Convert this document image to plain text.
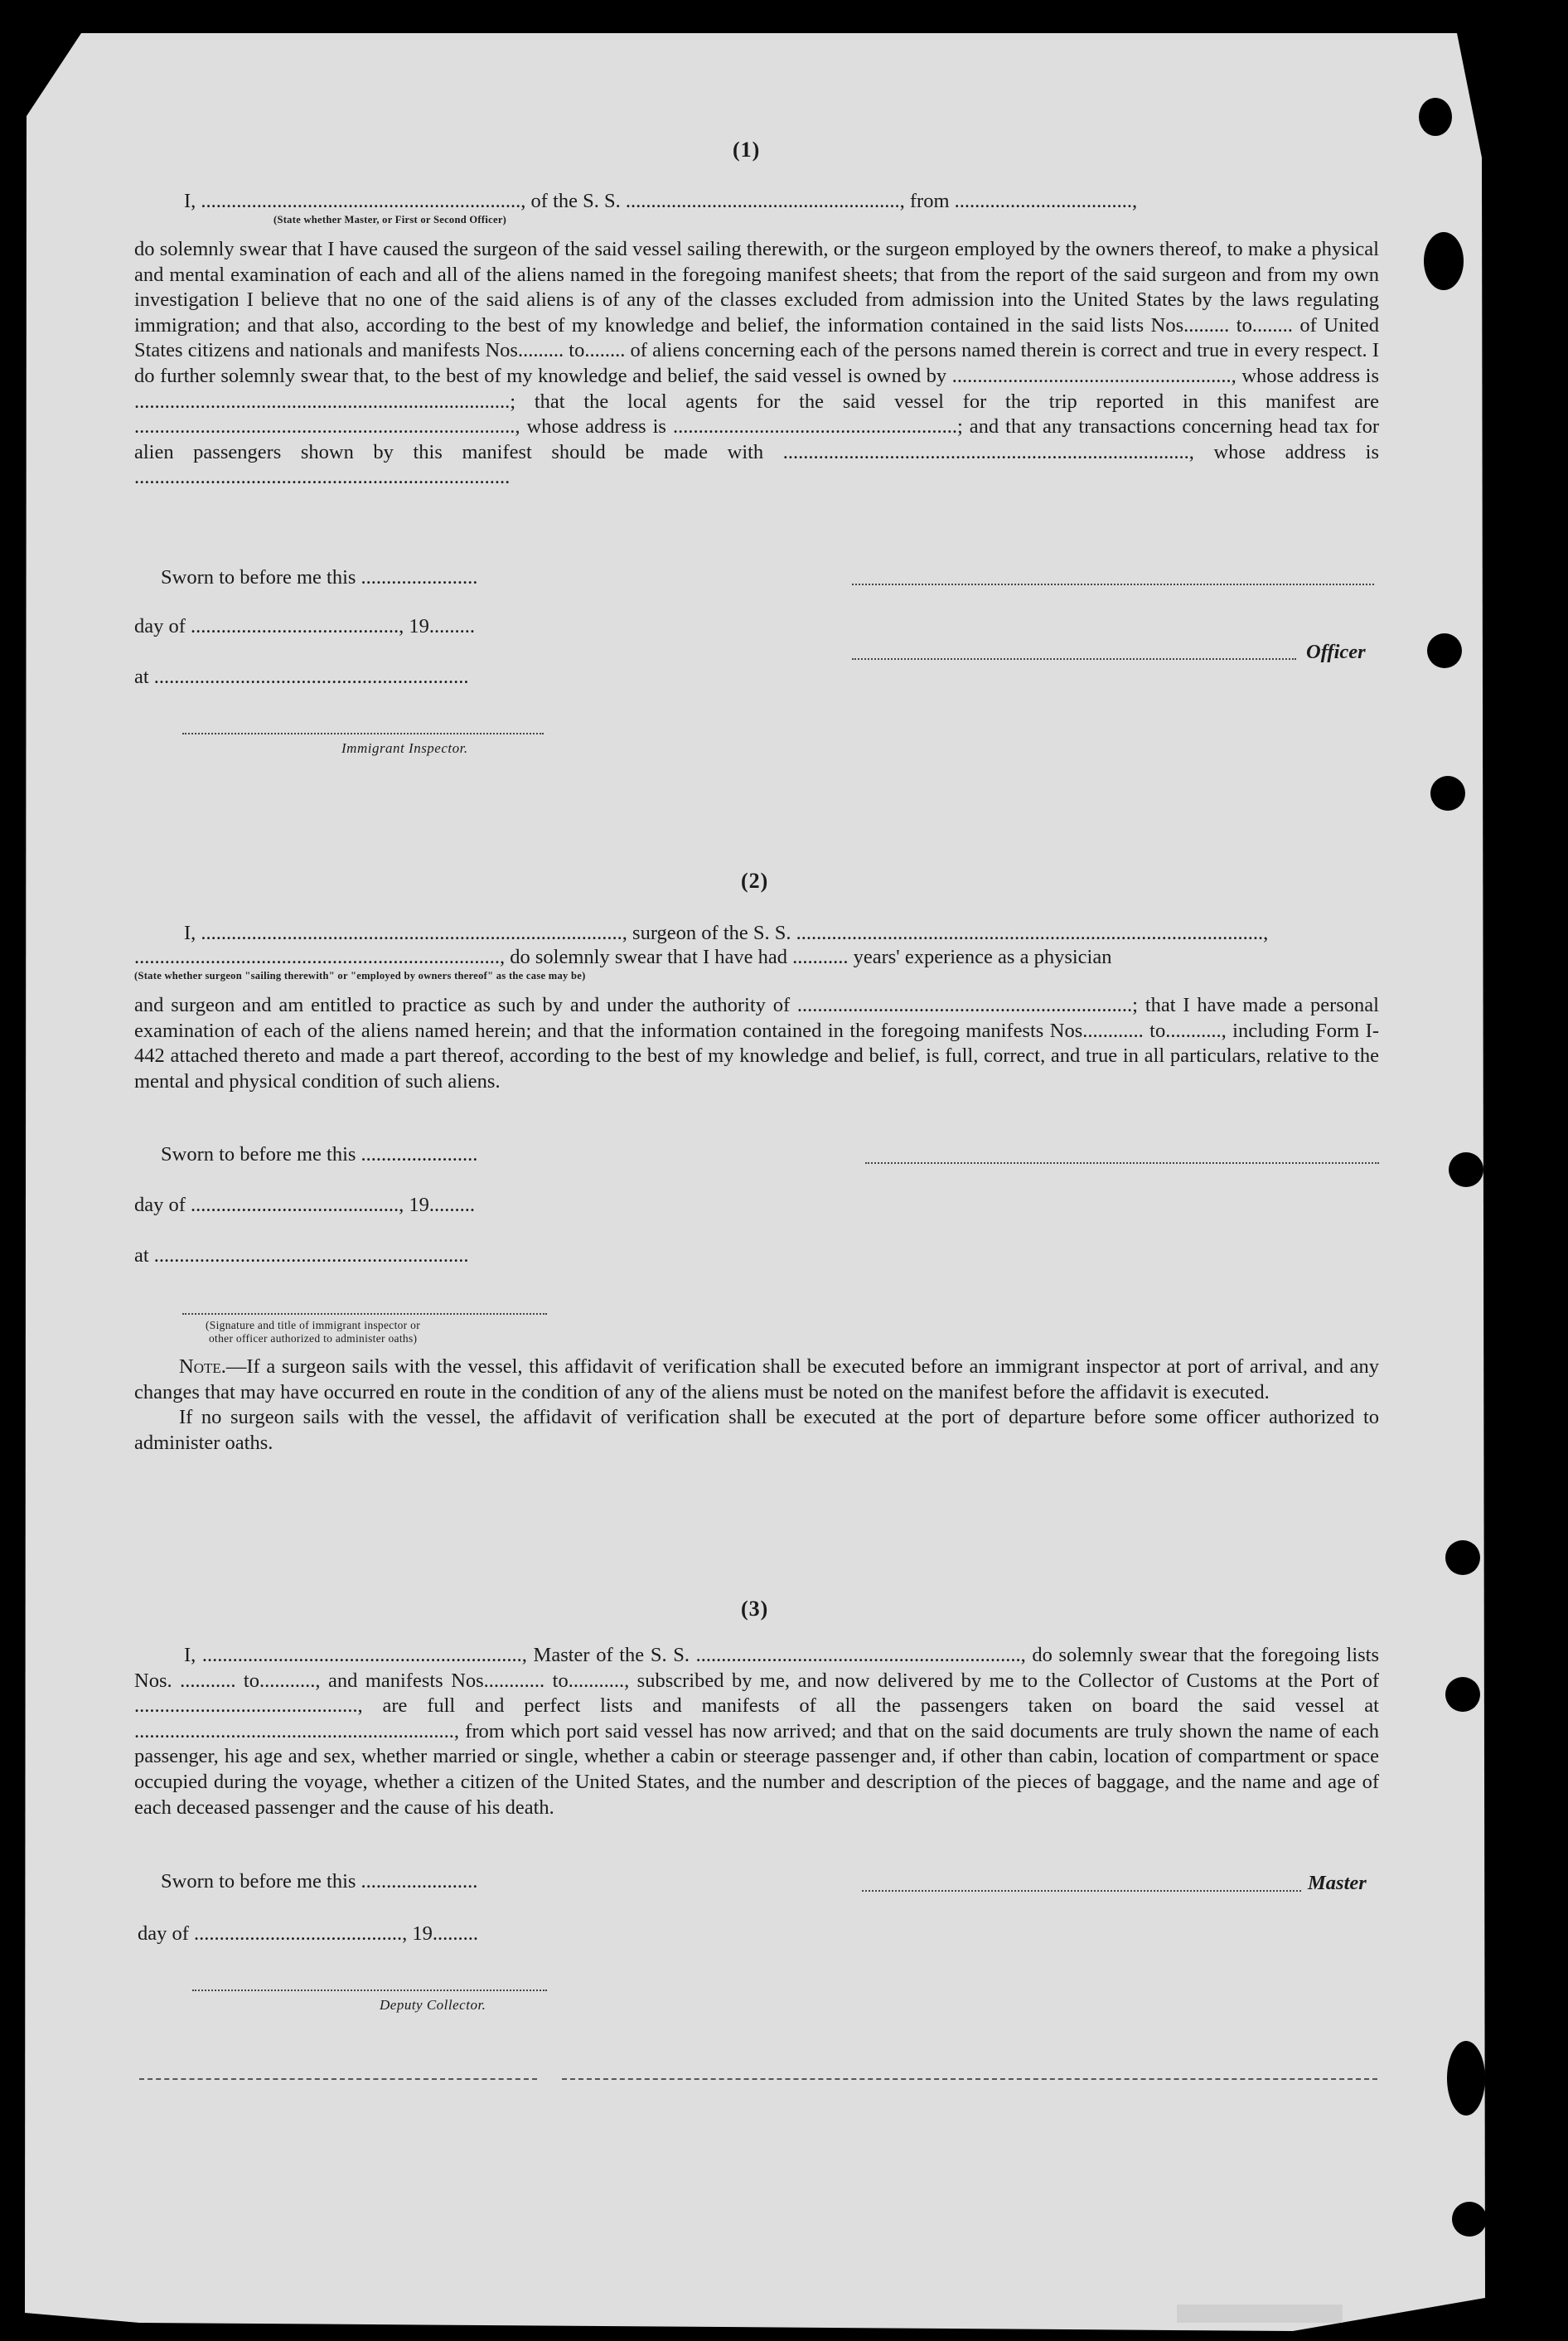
(1)
I, ..............................................................., of the S. S. ......................................................, from ...................................,
(State whether Master, or First or Second Officer)

do solemnly swear that I have caused the surgeon of the said vessel sailing therewith, or the surgeon employed by the owners thereof, to make a physical and mental examination of each and all of the aliens named in the foregoing manifest sheets; that from the report of the said surgeon and from my own investigation I believe that no one of the said aliens is of any of the classes excluded from admission into the United States by the laws regulating immigration; and that also, according to the best of my knowledge and belief, the information contained in the said lists Nos......... to........ of United States citizens and nationals and manifests Nos......... to........ of aliens concerning each of the persons named therein is correct and true in every respect. I do further solemnly swear that, to the best of my knowledge and belief, the said vessel is owned by ......................................................., whose address is ..........................................................................; that the local agents for the said vessel for the trip reported in this manifest are ..........................................................................., whose address is ........................................................; and that any transactions concerning head tax for alien passengers shown by this manifest should be made with ................................................................................, whose address is ..........................................................................

Sworn to before me this .......................
day of ........................................., 19.........
Officer
at ..............................................................
Immigrant Inspector.
(2)
I, ..................................................................................., surgeon of the S. S. ............................................................................................,
........................................................................, do solemnly swear that I have had ........... years' experience as a physician
(State whether surgeon "sailing therewith" or "employed by owners thereof" as the case may be)

and surgeon and am entitled to practice as such by and under the authority of ..................................................................; that I have made a personal examination of each of the aliens named herein; and that the information contained in the foregoing manifests Nos............ to..........., including Form I-442 attached thereto and made a part thereof, according to the best of my knowledge and belief, is full, correct, and true in all particulars, relative to the mental and physical condition of such aliens.

Sworn to before me this .......................
day of ........................................., 19.........
at ..............................................................
(Signature and title of immigrant inspector or
other officer authorized to administer oaths)

Note.—If a surgeon sails with the vessel, this affidavit of verification shall be executed before an immigrant inspector at port of arrival, and any changes that may have occurred en route in the condition of any of the aliens must be noted on the manifest before the affidavit is executed.

If no surgeon sails with the vessel, the affidavit of verification shall be executed at the port of departure before some officer authorized to administer oaths.

(3)

I, ..............................................................., Master of the S. S. ................................................................, do solemnly swear that the foregoing lists Nos. ........... to..........., and manifests Nos............ to..........., subscribed by me, and now delivered by me to the Collector of Customs at the Port of ............................................, are full and perfect lists and manifests of all the passengers taken on board the said vessel at ..............................................................., from which port said vessel has now arrived; and that on the said documents are truly shown the name of each passenger, his age and sex, whether married or single, whether a cabin or steerage passenger and, if other than cabin, location of compartment or space occupied during the voyage, whether a citizen of the United States, and the number and description of the pieces of baggage, and the name and age of each deceased passenger and the cause of his death.

Sworn to before me this .......................	Master
day of ........................................., 19.........
Deputy Collector.
